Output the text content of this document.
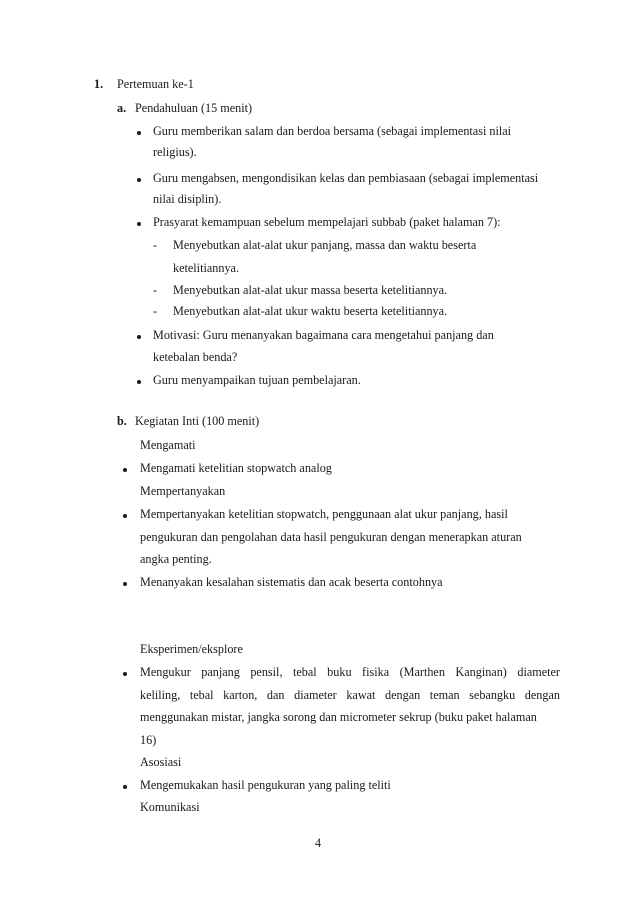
1. Pertemuan ke-1
a. Pendahuluan (15 menit)
Guru memberikan salam dan berdoa bersama (sebagai implementasi nilai
religius).
Guru mengabsen, mengondisikan kelas dan pembiasaan (sebagai implementasi
nilai disiplin).
Prasyarat kemampuan sebelum mempelajari subbab (paket halaman 7):
- Menyebutkan alat-alat ukur panjang, massa dan waktu beserta
ketelitiannya.
- Menyebutkan alat-alat ukur massa beserta ketelitiannya.
- Menyebutkan alat-alat ukur waktu beserta ketelitiannya.
Motivasi: Guru menanyakan bagaimana cara mengetahui panjang dan
ketebalan benda?
Guru menyampaikan tujuan pembelajaran.
b. Kegiatan Inti (100 menit)
Mengamati
Mengamati ketelitian stopwatch analog
Mempertanyakan
Mempertanyakan ketelitian stopwatch, penggunaan alat ukur panjang, hasil
pengukuran dan pengolahan data hasil pengukuran dengan menerapkan aturan
angka penting.
Menanyakan kesalahan sistematis dan acak beserta contohnya
Eksperimen/eksplore
Mengukur panjang pensil, tebal buku fisika (Marthen Kanginan) diameter
keliling, tebal karton, dan diameter kawat dengan teman sebangku dengan
menggunakan mistar, jangka sorong dan micrometer sekrup (buku paket halaman
16)
Asosiasi
Mengemukakan hasil pengukuran yang paling teliti
Komunikasi
4
